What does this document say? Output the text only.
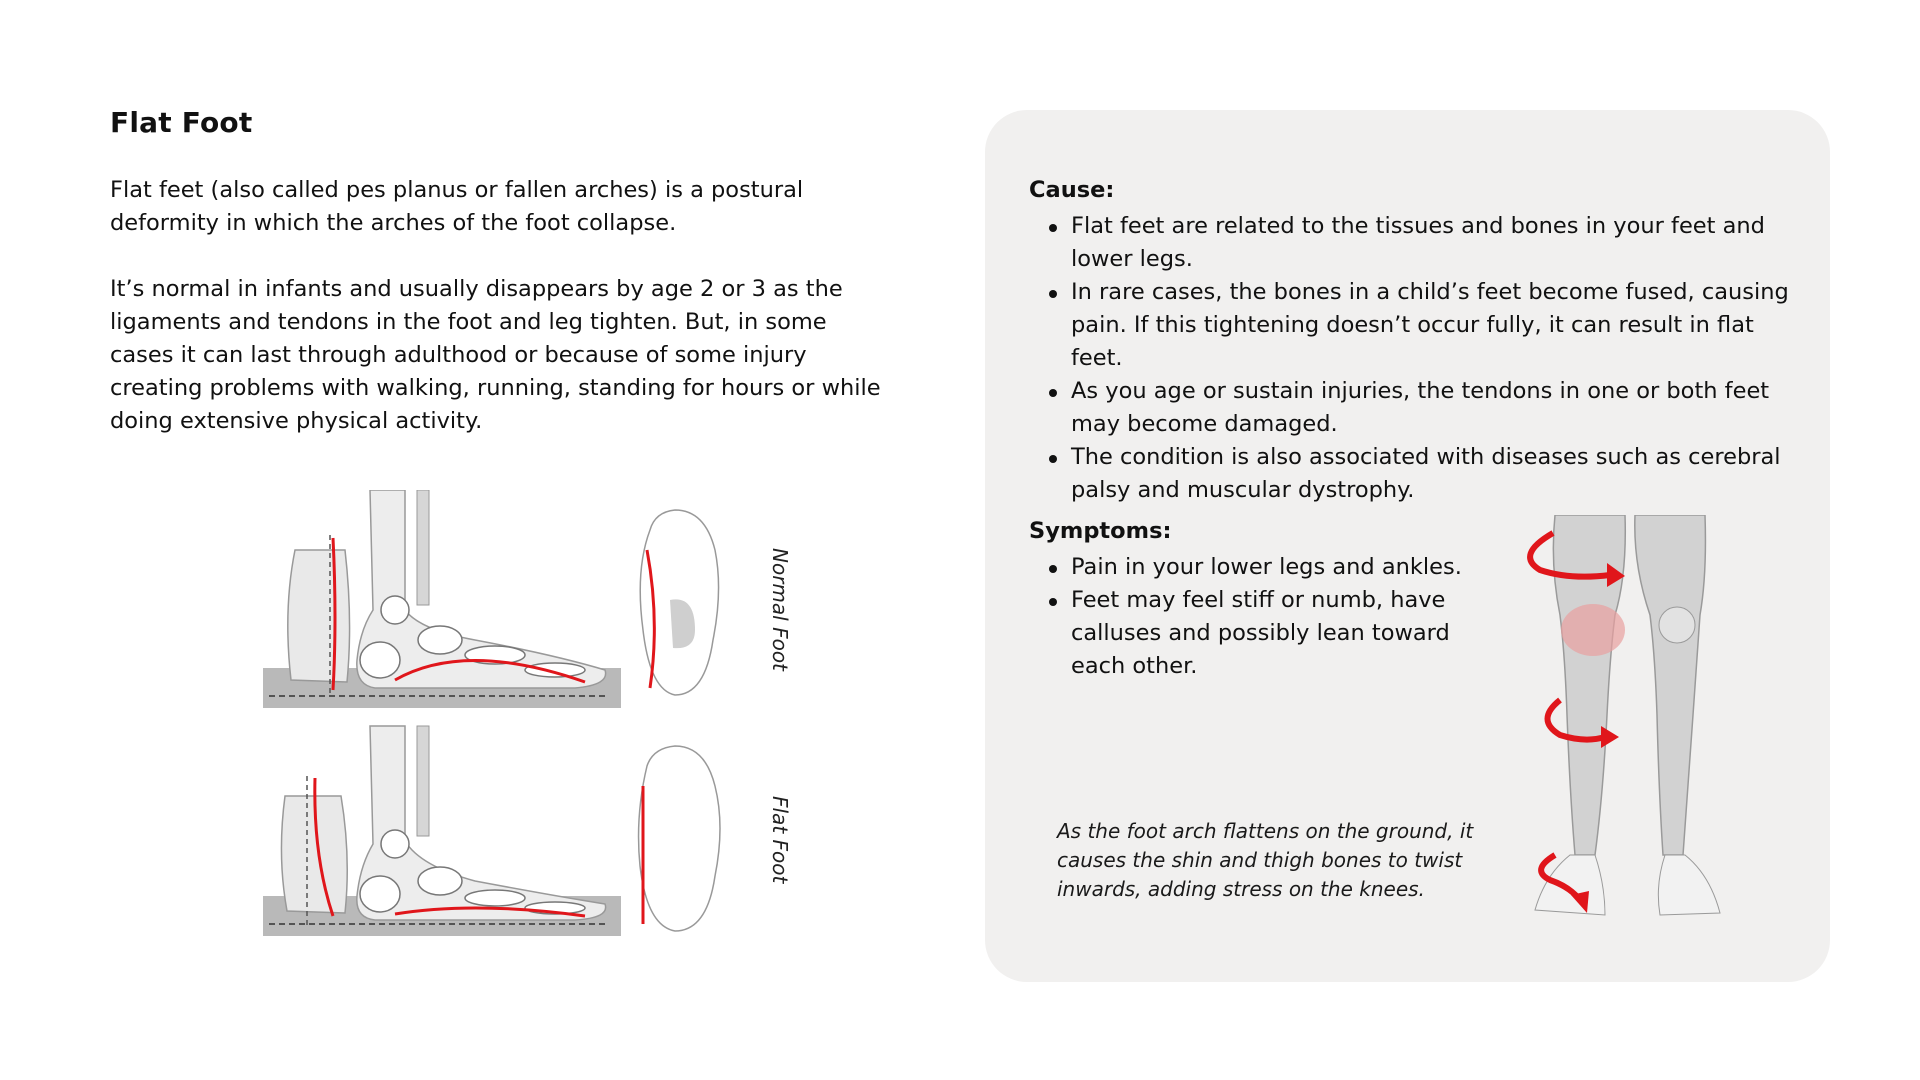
Flat Foot

Flat feet (also called pes planus or fallen arches) is a postural deformity in which the arches of the foot collapse.

It’s normal in infants and usually disappears by age 2 or 3 as the ligaments and tendons in the foot and leg tighten. But, in some cases it can last through adulthood or because of some injury creating problems with walking, running, standing for hours or while doing extensive physical activity.

Normal Foot
Flat Foot
Cause:
Flat feet are related to the tissues and bones in your feet and lower legs.
In rare cases, the bones in a child’s feet become fused, causing pain. If this tightening doesn’t occur fully, it can result in flat feet.
As you age or sustain injuries, the tendons in one or both feet may become damaged.
The condition is also associated with diseases such as cerebral palsy and muscular dystrophy.
Symptoms:
Pain in your lower legs and ankles.
Feet may feel stiff or numb, have calluses and possibly lean toward each other.
As the foot arch flattens on the ground, it causes the shin and thigh bones to twist inwards, adding stress on the knees.
